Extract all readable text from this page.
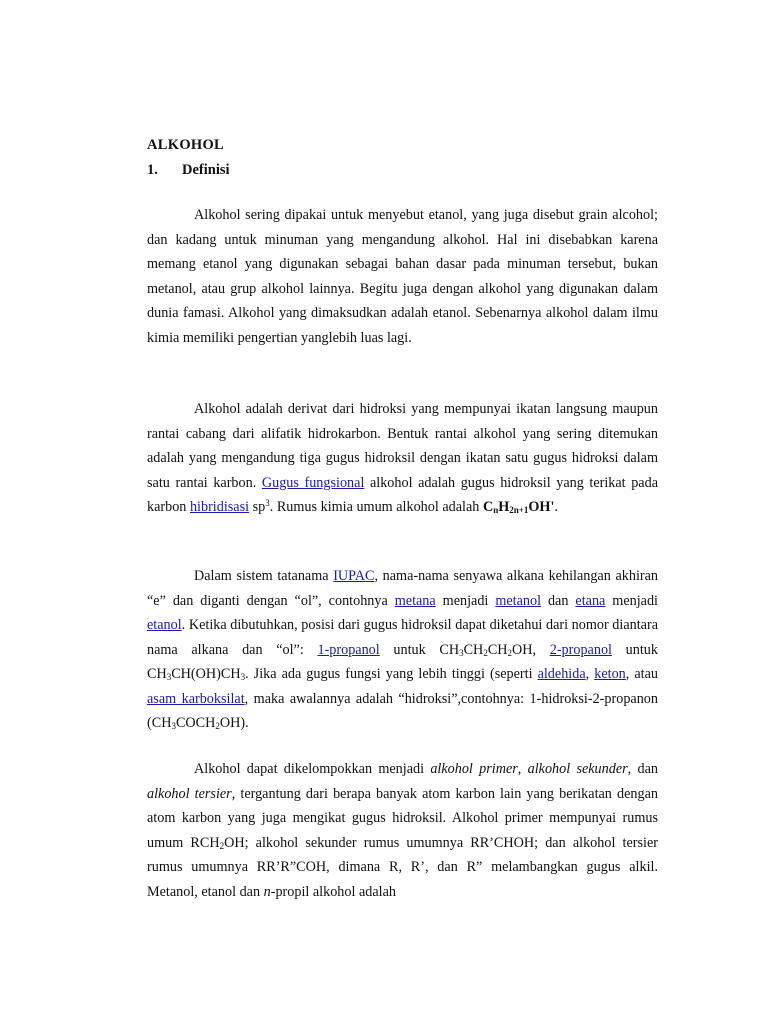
ALKOHOL
1. Definisi

Alkohol sering dipakai untuk menyebut etanol, yang juga disebut grain alcohol; dan kadang untuk minuman yang mengandung alkohol. Hal ini disebabkan karena memang etanol yang digunakan sebagai bahan dasar pada minuman tersebut, bukan metanol, atau grup alkohol lainnya. Begitu juga dengan alkohol yang digunakan dalam dunia famasi. Alkohol yang dimaksudkan adalah etanol. Sebenarnya alkohol dalam ilmu kimia memiliki pengertian yanglebih luas lagi.

Alkohol adalah derivat dari hidroksi yang mempunyai ikatan langsung maupun rantai cabang dari alifatik hidrokarbon. Bentuk rantai alkohol yang sering ditemukan adalah yang mengandung tiga gugus hidroksil dengan ikatan satu gugus hidroksi dalam satu rantai karbon. Gugus fungsional alkohol adalah gugus hidroksil yang terikat pada karbon hibridisasi $sp^3$. Rumus kimia umum alkohol adalah $C_nH_{2n+1}OH'$.

Dalam sistem tatanama IUPAC, nama-nama senyawa alkana kehilangan akhiran “e” dan diganti dengan “ol”, contohnya metana menjadi metanol dan etana menjadi etanol. Ketika dibutuhkan, posisi dari gugus hidroksil dapat diketahui dari nomor diantara nama alkana dan “ol”: 1-propanol untuk $CH_3CH_2CH_2OH$, 2-propanol untuk $CH_3CH(OH)CH_3$. Jika ada gugus fungsi yang lebih tinggi (seperti aldehida, keton, atau asam karboksilat, maka awalannya adalah “hidroksi”,contohnya: 1-hidroksi-2-propanon $(CH_3COCH_2OH)$.

Alkohol dapat dikelompokkan menjadi alkohol primer, alkohol sekunder, dan alkohol tersier, tergantung dari berapa banyak atom karbon lain yang berikatan dengan atom karbon yang juga mengikat gugus hidroksil. Alkohol primer mempunyai rumus umum $RCH_2OH$; alkohol sekunder rumus umumnya RR’CHOH; dan alkohol tersier rumus umumnya RR’R”COH, dimana R, R’, dan R” melambangkan gugus alkil. Metanol, etanol dan n-propil alkohol adalah
